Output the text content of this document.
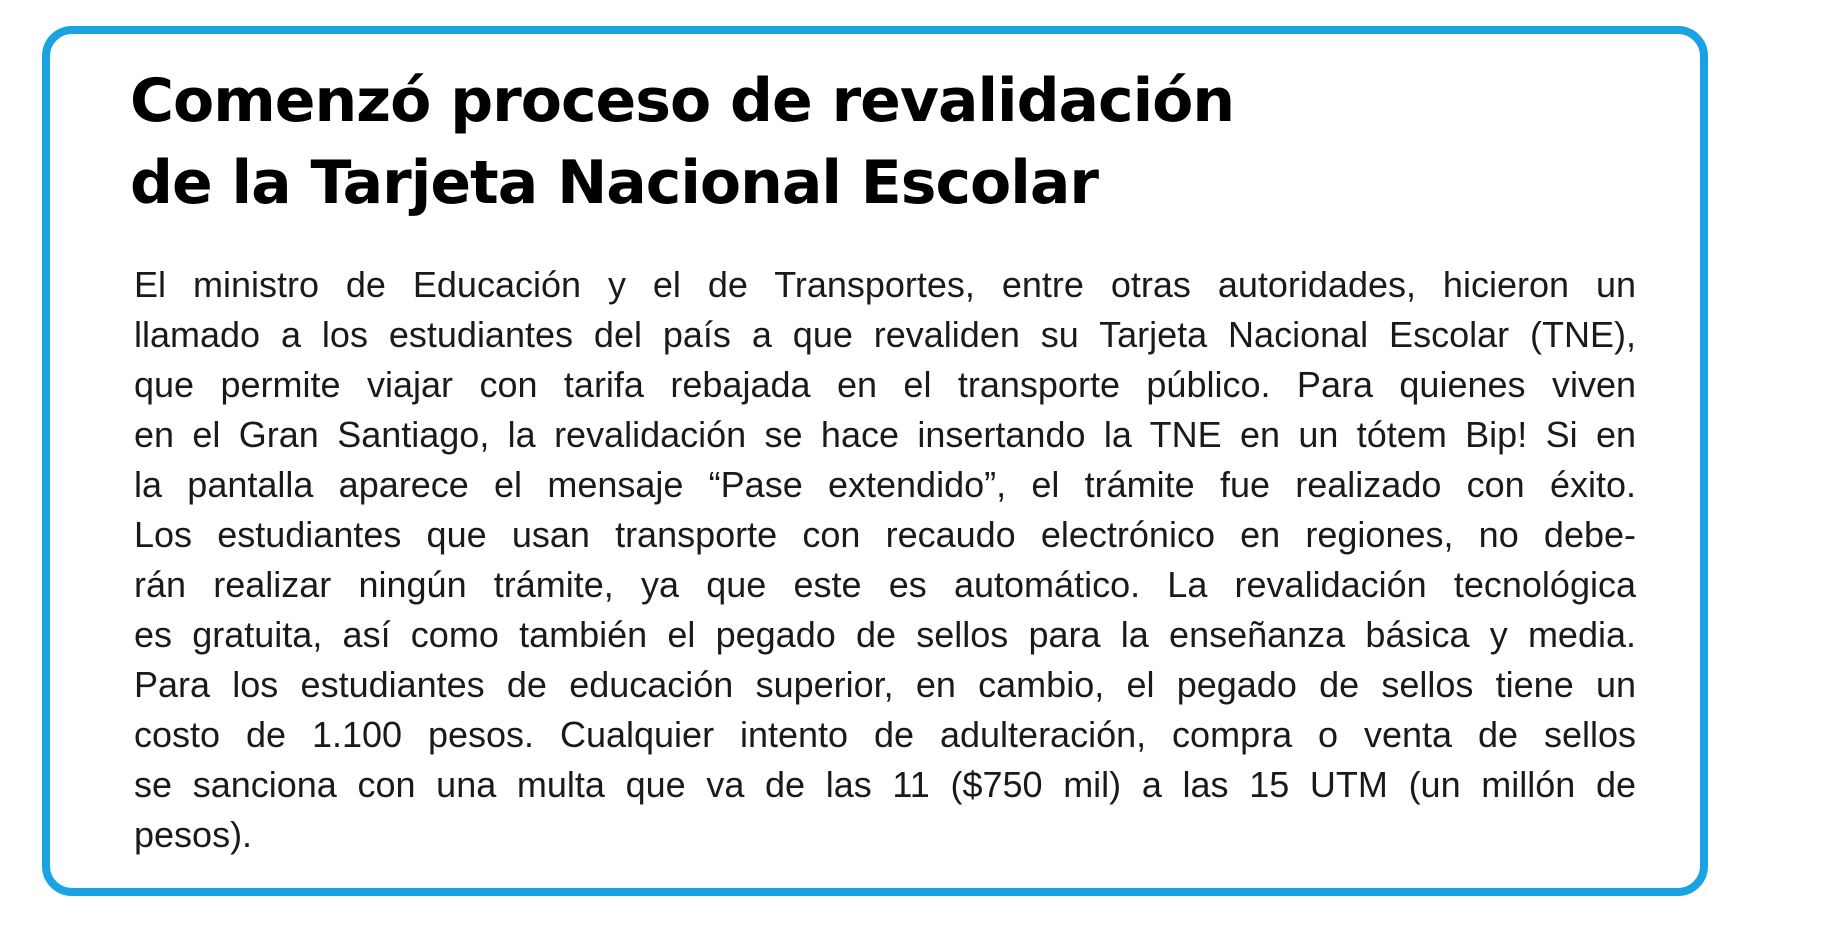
Comenzó proceso de revalidación
de la Tarjeta Nacional Escolar
El ministro de Educación y el de Transportes, entre otras autoridades, hicieron un
llamado a los estudiantes del país a que revaliden su Tarjeta Nacional Escolar (TNE),
que permite viajar con tarifa rebajada en el transporte público. Para quienes viven
en el Gran Santiago, la revalidación se hace insertando la TNE en un tótem Bip! Si en
la pantalla aparece el mensaje “Pase extendido”, el trámite fue realizado con éxito.
Los estudiantes que usan transporte con recaudo electrónico en regiones, no debe-
rán realizar ningún trámite, ya que este es automático. La revalidación tecnológica
es gratuita, así como también el pegado de sellos para la enseñanza básica y media.
Para los estudiantes de educación superior, en cambio, el pegado de sellos tiene un
costo de 1.100 pesos. Cualquier intento de adulteración, compra o venta de sellos
se sanciona con una multa que va de las 11 ($750 mil) a las 15 UTM (un millón de
pesos).
